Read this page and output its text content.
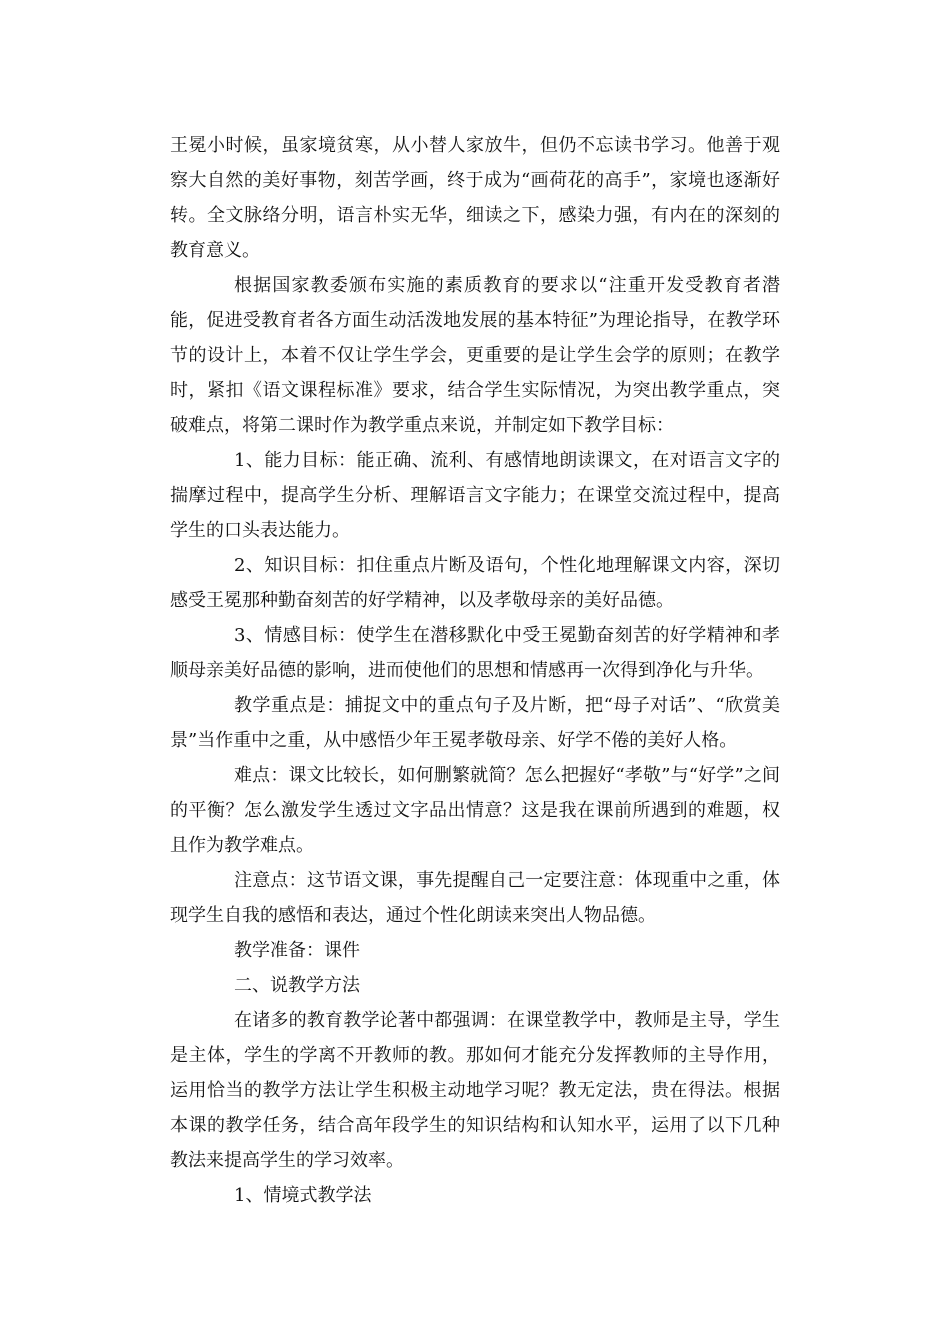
王冕小时候，虽家境贫寒，从小替人家放牛，但仍不忘读书学习。他善于观察大自然的美好事物，刻苦学画，终于成为“画荷花的高手”，家境也逐渐好转。全文脉络分明，语言朴实无华，细读之下，感染力强，有内在的深刻的教育意义。

根据国家教委颁布实施的素质教育的要求以“注重开发受教育者潜能，促进受教育者各方面生动活泼地发展的基本特征”为理论指导，在教学环节的设计上，本着不仅让学生学会，更重要的是让学生会学的原则；在教学时，紧扣《语文课程标准》要求，结合学生实际情况，为突出教学重点，突破难点，将第二课时作为教学重点来说，并制定如下教学目标：

1、能力目标：能正确、流利、有感情地朗读课文，在对语言文字的揣摩过程中，提高学生分析、理解语言文字能力；在课堂交流过程中，提高学生的口头表达能力。

2、知识目标：扣住重点片断及语句，个性化地理解课文内容，深切感受王冕那种勤奋刻苦的好学精神，以及孝敬母亲的美好品德。

3、情感目标：使学生在潜移默化中受王冕勤奋刻苦的好学精神和孝顺母亲美好品德的影响，进而使他们的思想和情感再一次得到净化与升华。

教学重点是：捕捉文中的重点句子及片断，把“母子对话”、“欣赏美景”当作重中之重，从中感悟少年王冕孝敬母亲、好学不倦的美好人格。

难点：课文比较长，如何删繁就简？怎么把握好“孝敬”与“好学”之间的平衡？怎么激发学生透过文字品出情意？这是我在课前所遇到的难题，权且作为教学难点。

注意点：这节语文课，事先提醒自己一定要注意：体现重中之重，体现学生自我的感悟和表达，通过个性化朗读来突出人物品德。

教学准备：课件

二、说教学方法

在诸多的教育教学论著中都强调：在课堂教学中，教师是主导，学生是主体，学生的学离不开教师的教。那如何才能充分发挥教师的主导作用，运用恰当的教学方法让学生积极主动地学习呢？教无定法，贵在得法。根据本课的教学任务，结合高年段学生的知识结构和认知水平，运用了以下几种教法来提高学生的学习效率。

1、情境式教学法
